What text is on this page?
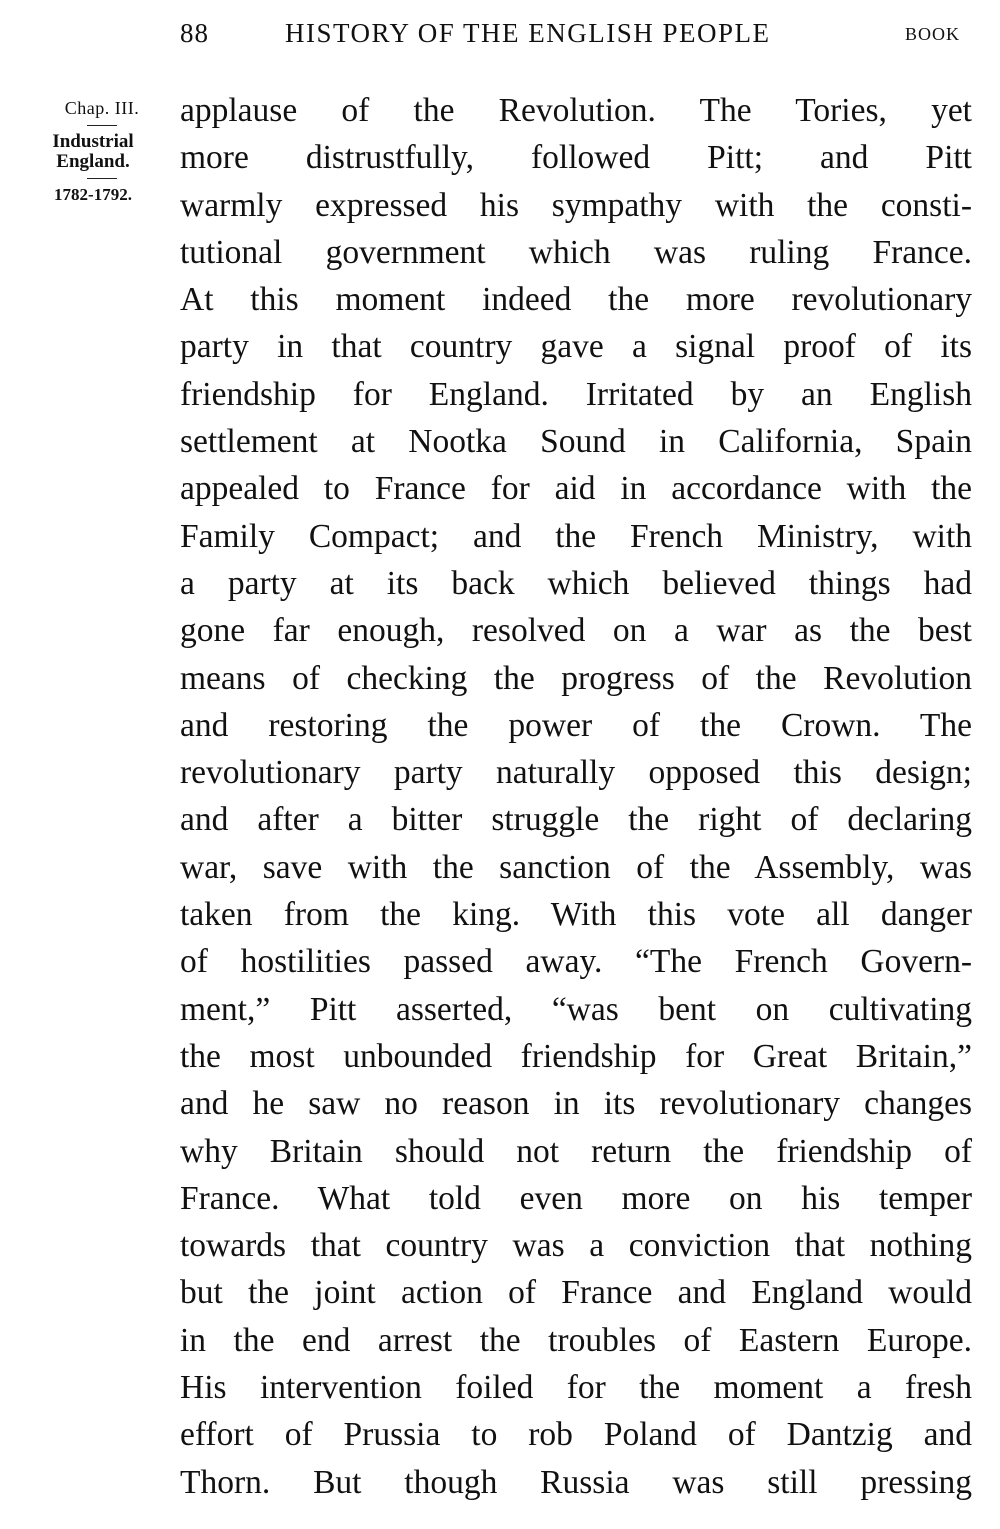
88	HISTORY OF THE ENGLISH PEOPLE	BOOK
Chap. III.
Industrial
England.
1782-1792.
applause of the Revolution. The Tories, yet
more distrustfully, followed Pitt; and Pitt
warmly expressed his sympathy with the consti-
tutional government which was ruling France.
At this moment indeed the more revolutionary
party in that country gave a signal proof of its
friendship for England. Irritated by an English
settlement at Nootka Sound in California, Spain
appealed to France for aid in accordance with the
Family Compact; and the French Ministry, with
a party at its back which believed things had
gone far enough, resolved on a war as the best
means of checking the progress of the Revolution
and restoring the power of the Crown. The
revolutionary party naturally opposed this design;
and after a bitter struggle the right of declaring
war, save with the sanction of the Assembly, was
taken from the king. With this vote all danger
of hostilities passed away. “The French Govern-
ment,” Pitt asserted, “was bent on cultivating
the most unbounded friendship for Great Britain,”
and he saw no reason in its revolutionary changes
why Britain should not return the friendship of
France. What told even more on his temper
towards that country was a conviction that nothing
but the joint action of France and England would
in the end arrest the troubles of Eastern Europe.
His intervention foiled for the moment a fresh
effort of Prussia to rob Poland of Dantzig and
Thorn. But though Russia was still pressing
